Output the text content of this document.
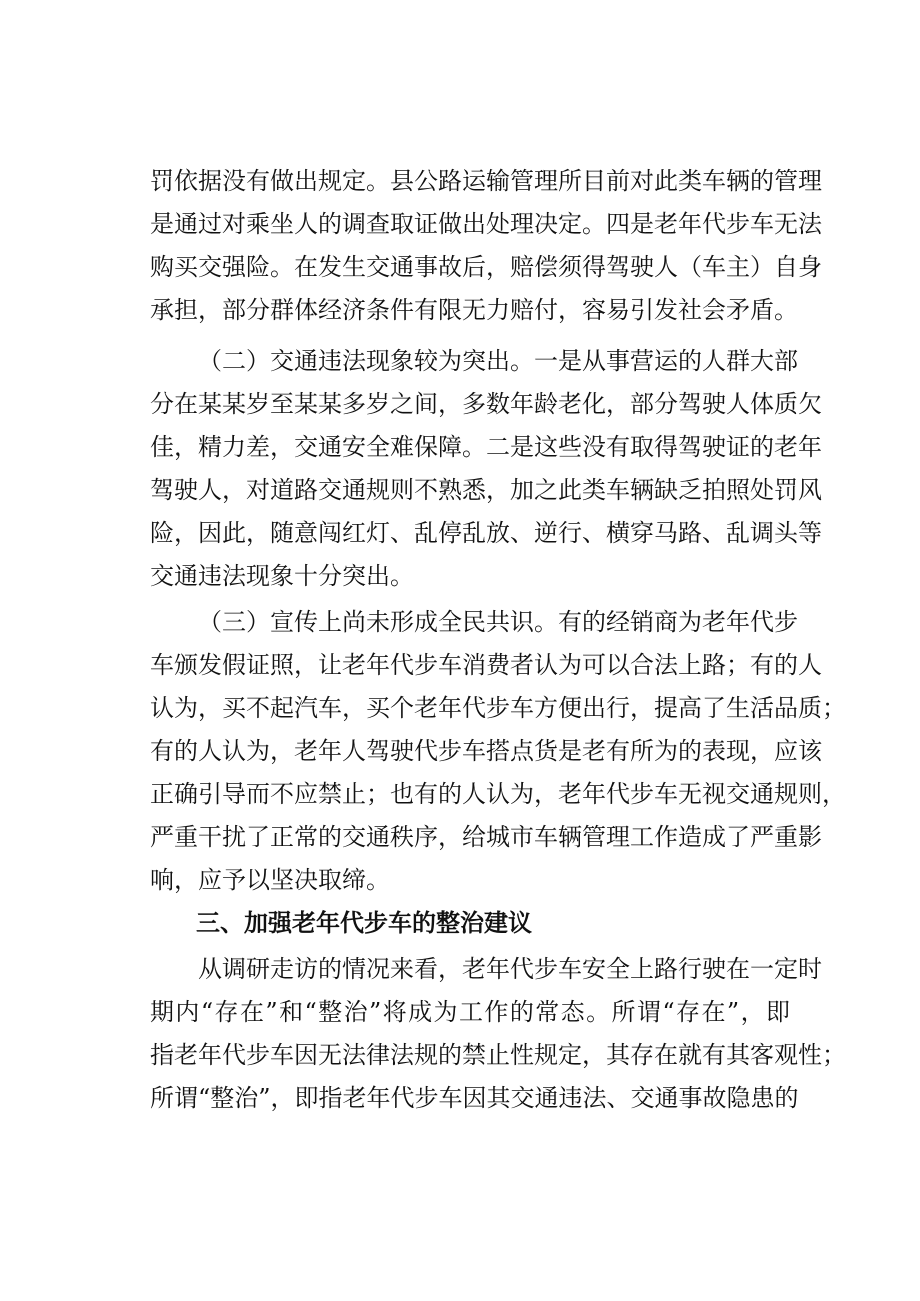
罚依据没有做出规定。县公路运输管理所目前对此类车辆的管理
是通过对乘坐人的调查取证做出处理决定。四是老年代步车无法
购买交强险。在发生交通事故后，赔偿须得驾驶人（车主）自身
承担，部分群体经济条件有限无力赔付，容易引发社会矛盾。
（二）交通违法现象较为突出。一是从事营运的人群大部
分在某某岁至某某多岁之间，多数年龄老化，部分驾驶人体质欠
佳，精力差，交通安全难保障。二是这些没有取得驾驶证的老年
驾驶人，对道路交通规则不熟悉，加之此类车辆缺乏拍照处罚风
险，因此，随意闯红灯、乱停乱放、逆行、横穿马路、乱调头等
交通违法现象十分突出。
（三）宣传上尚未形成全民共识。有的经销商为老年代步
车颁发假证照，让老年代步车消费者认为可以合法上路；有的人
认为，买不起汽车，买个老年代步车方便出行，提高了生活品质；
有的人认为，老年人驾驶代步车搭点货是老有所为的表现，应该
正确引导而不应禁止；也有的人认为，老年代步车无视交通规则，
严重干扰了正常的交通秩序，给城市车辆管理工作造成了严重影
响，应予以坚决取缔。
三、加强老年代步车的整治建议
从调研走访的情况来看，老年代步车安全上路行驶在一定时
期内“存在”和“整治”将成为工作的常态。所谓“存在”，即
指老年代步车因无法律法规的禁止性规定，其存在就有其客观性；
所谓“整治”，即指老年代步车因其交通违法、交通事故隐患的
